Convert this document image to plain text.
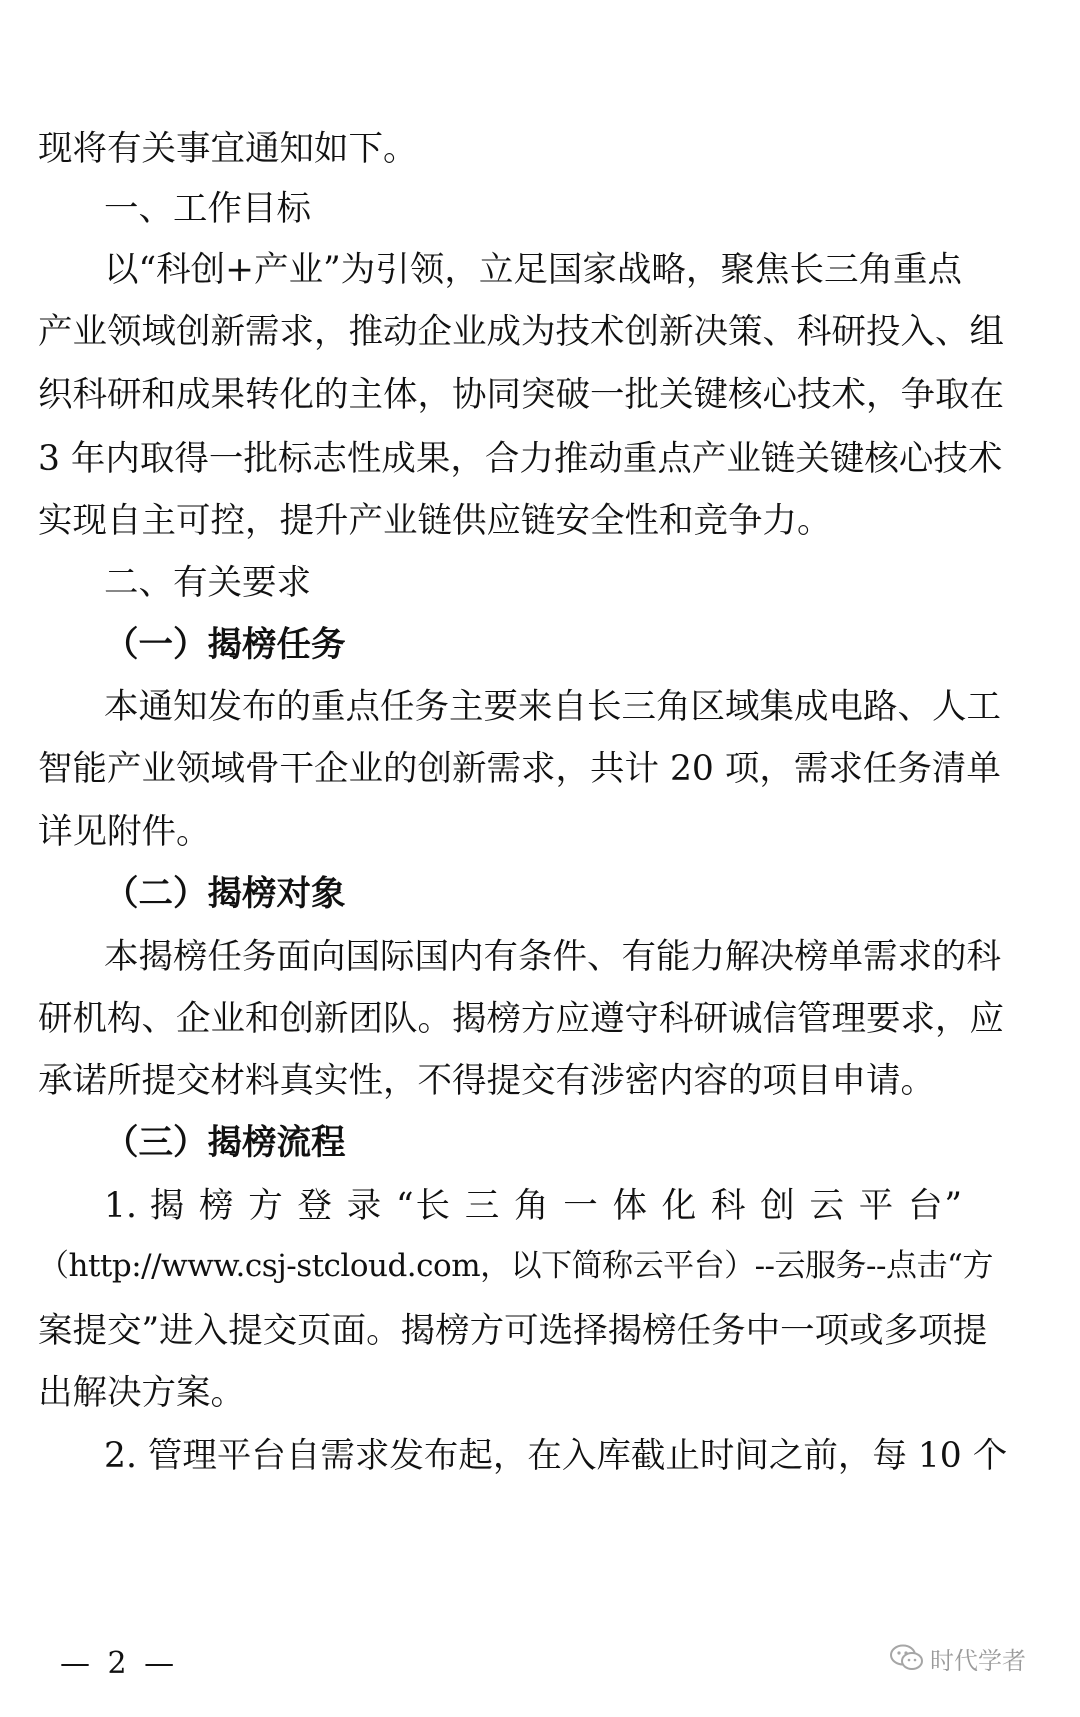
现将有关事宜通知如下。

一、工作目标

以“科创+产业”为引领，立足国家战略，聚焦长三角重点

产业领域创新需求，推动企业成为技术创新决策、科研投入、组

织科研和成果转化的主体，协同突破一批关键核心技术，争取在

3 年内取得一批标志性成果，合力推动重点产业链关键核心技术

实现自主可控，提升产业链供应链安全性和竞争力。

二、有关要求

（一）揭榜任务

本通知发布的重点任务主要来自长三角区域集成电路、人工

智能产业领域骨干企业的创新需求，共计 20 项，需求任务清单

详见附件。

（二）揭榜对象

本揭榜任务面向国际国内有条件、有能力解决榜单需求的科

研机构、企业和创新团队。揭榜方应遵守科研诚信管理要求，应

承诺所提交材料真实性，不得提交有涉密内容的项目申请。

（三）揭榜流程

1. 揭 榜 方 登 录 “长 三 角 一 体 化 科 创 云 平 台”

（http://www.csj-stcloud.com，以下简称云平台）--云服务--点击“方

案提交”进入提交页面。揭榜方可选择揭榜任务中一项或多项提

出解决方案。

2. 管理平台自需求发布起，在入库截止时间之前，每 10 个

— 2 —	时代学者
